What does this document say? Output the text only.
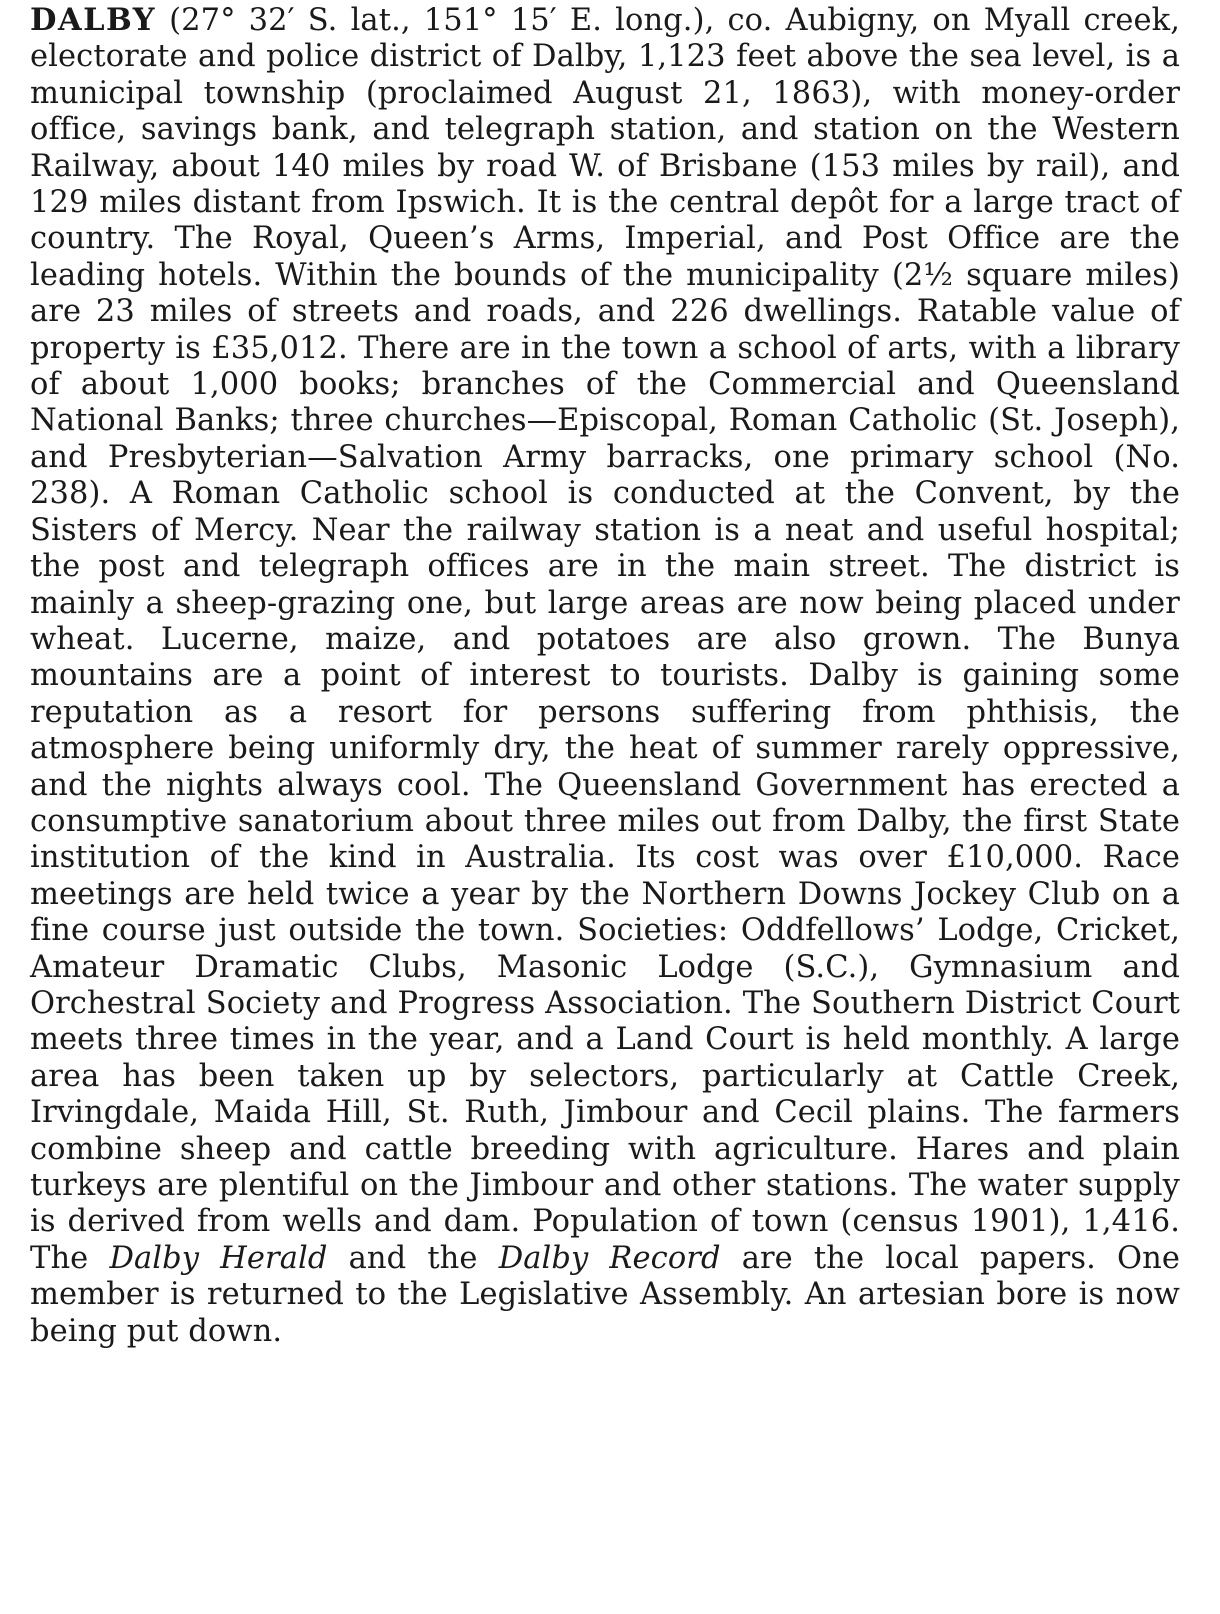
DALBY (27° 32′ S. lat., 151° 15′ E. long.), co. Aubigny, on Myall creek, electorate and police district of Dalby, 1,123 feet above the sea level, is a municipal township (proclaimed August 21, 1863), with money-order office, savings bank, and telegraph station, and station on the Western Railway, about 140 miles by road W. of Brisbane (153 miles by rail), and 129 miles distant from Ipswich. It is the central depôt for a large tract of country. The Royal, Queen’s Arms, Imperial, and Post Office are the leading hotels. Within the bounds of the municipality (2½ square miles) are 23 miles of streets and roads, and 226 dwellings. Ratable value of property is £35,012. There are in the town a school of arts, with a library of about 1,000 books; branches of the Commercial and Queensland National Banks; three churches—Episcopal, Roman Catholic (St. Joseph), and Presbyterian—Salvation Army barracks, one primary school (No. 238). A Roman Catholic school is conducted at the Convent, by the Sisters of Mercy. Near the railway station is a neat and useful hospital; the post and telegraph offices are in the main street. The district is mainly a sheep-grazing one, but large areas are now being placed under wheat. Lucerne, maize, and potatoes are also grown. The Bunya mountains are a point of interest to tourists. Dalby is gaining some reputation as a resort for persons suffering from phthisis, the atmosphere being uniformly dry, the heat of summer rarely oppressive, and the nights always cool. The Queensland Government has erected a consumptive sanatorium about three miles out from Dalby, the first State institution of the kind in Australia. Its cost was over £10,000. Race meetings are held twice a year by the Northern Downs Jockey Club on a fine course just outside the town. Societies: Oddfellows’ Lodge, Cricket, Amateur Dramatic Clubs, Masonic Lodge (S.C.), Gymnasium and Orchestral Society and Progress Association. The Southern District Court meets three times in the year, and a Land Court is held monthly. A large area has been taken up by selectors, particularly at Cattle Creek, Irvingdale, Maida Hill, St. Ruth, Jimbour and Cecil plains. The farmers combine sheep and cattle breeding with agriculture. Hares and plain turkeys are plentiful on the Jimbour and other stations. The water supply is derived from wells and dam. Population of town (census 1901), 1,416. The Dalby Herald and the Dalby Record are the local papers. One member is returned to the Legislative Assembly. An artesian bore is now being put down.
